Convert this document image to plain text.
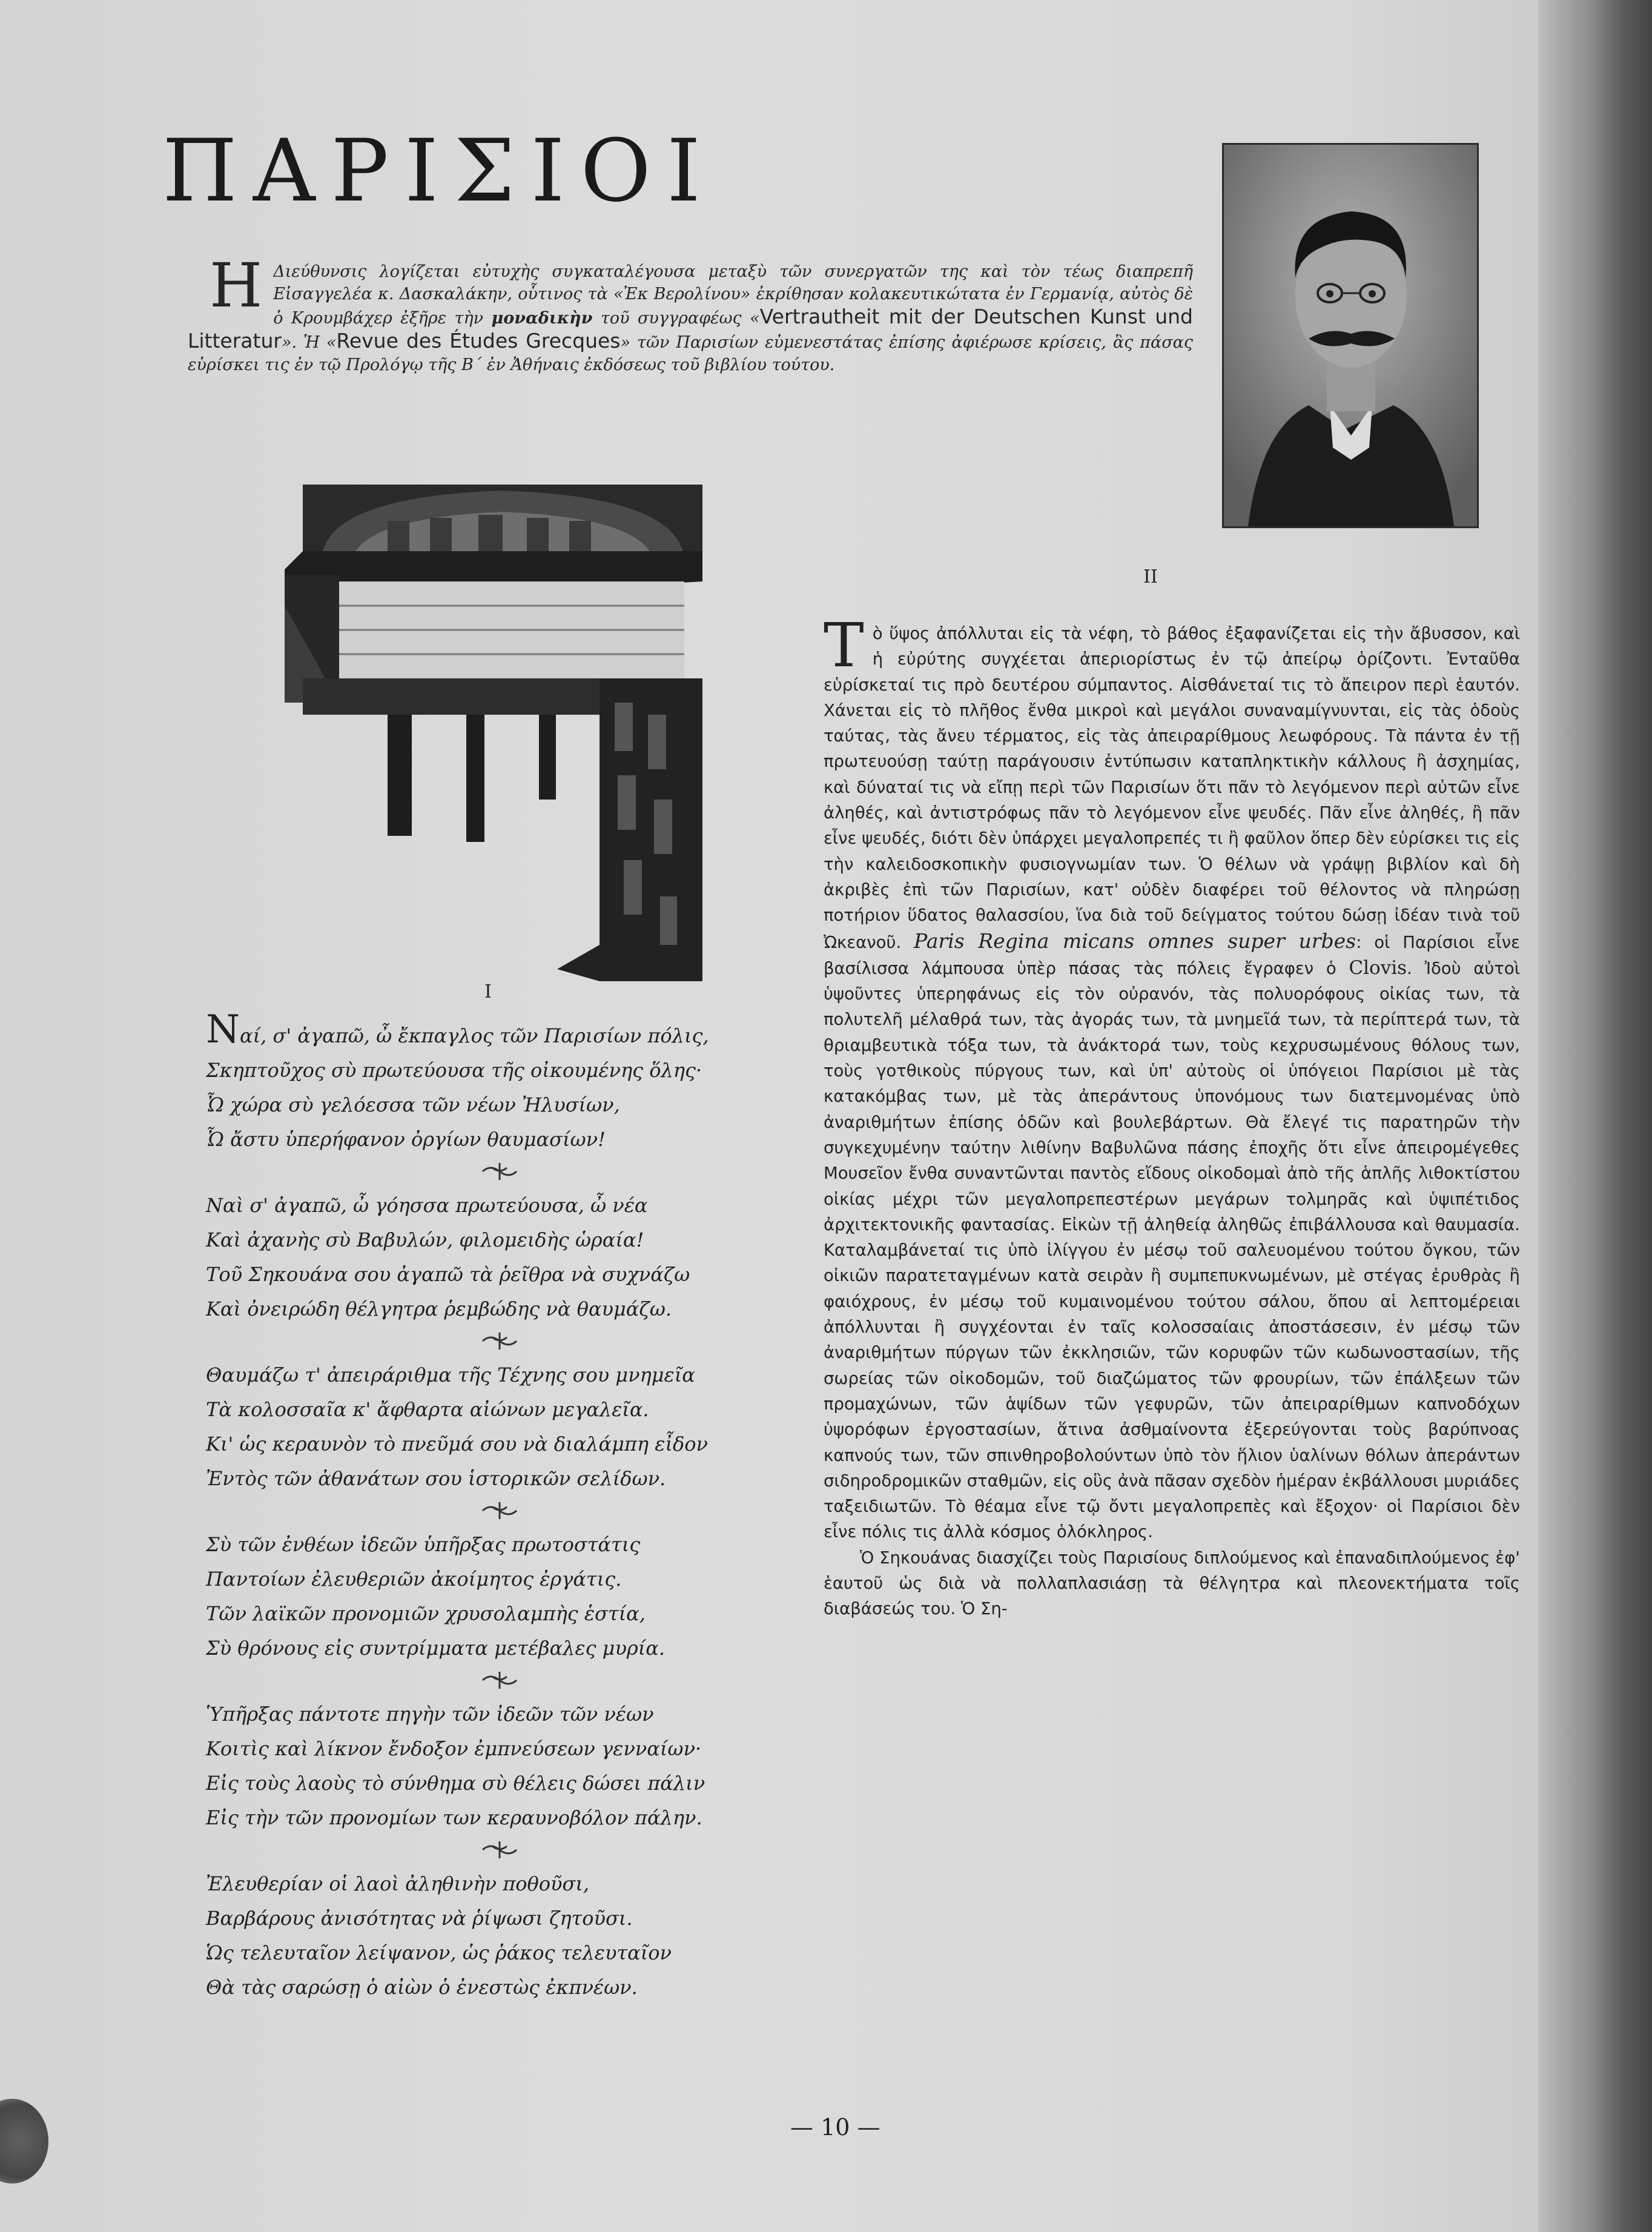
ΠΑΡΙΣΙΟΙ

Η Διεύθυνσις λογίζεται εὐτυχὴς συγκαταλέγουσα μεταξὺ τῶν συνεργατῶν της καὶ τὸν τέως διαπρεπῆ Εἰσαγγελέα κ. Δασκαλάκην, οὗτινος τὰ «Ἐκ Βερολίνου» ἐκρίθησαν κολακευτικώτατα ἐν Γερμανίᾳ, αὐτὸς δὲ ὁ Κρουμβάχερ ἐξῆρε τὴν μοναδικὴν τοῦ συγγραφέως «Vertrautheit mit der Deutschen Kunst und Litteratur». Ἡ «Revue des Études Grecques» τῶν Παρισίων εὐμενεστάτας ἐπίσης ἀφιέρωσε κρίσεις, ἃς πάσας εὑρίσκει τις ἐν τῷ Προλόγῳ τῆς Β΄ ἐν Ἀθήναις ἐκδόσεως τοῦ βιβλίου τούτου.

I
Nαί, σ' ἀγαπῶ, ὦ ἔκπαγλος τῶν Παρισίων πόλις,
Σκηπτοῦχος σὺ πρωτεύουσα τῆς οἰκουμένης ὅλης·
Ὦ χώρα σὺ γελόεσσα τῶν νέων Ἠλυσίων,
Ὦ ἄστυ ὑπερήφανον ὀργίων θαυμασίων!
Ναὶ σ' ἀγαπῶ, ὦ γόησσα πρωτεύουσα, ὦ νέα
Καὶ ἀχανὴς σὺ Βαβυλών, φιλομειδὴς ὡραία!
Τοῦ Σηκουάνα σου ἀγαπῶ τὰ ῥεῖθρα νὰ συχνάζω
Καὶ ὀνειρώδη θέλγητρα ῥεμβώδης νὰ θαυμάζω.
Θαυμάζω τ' ἀπειράριθμα τῆς Τέχνης σου μνημεῖα
Τὰ κολοσσαῖα κ' ἄφθαρτα αἰώνων μεγαλεῖα.
Κι' ὡς κεραυνὸν τὸ πνεῦμά σου νὰ διαλάμπη εἶδον
Ἐντὸς τῶν ἀθανάτων σου ἱστορικῶν σελίδων.
Σὺ τῶν ἐνθέων ἰδεῶν ὑπῆρξας πρωτοστάτις
Παντοίων ἐλευθεριῶν ἀκοίμητος ἐργάτις.
Τῶν λαϊκῶν προνομιῶν χρυσολαμπὴς ἑστία,
Σὺ θρόνους εἰς συντρίμματα μετέβαλες μυρία.
Ὑπῆρξας πάντοτε πηγὴν τῶν ἰδεῶν τῶν νέων
Κοιτὶς καὶ λίκνον ἔνδοξον ἐμπνεύσεων γενναίων·
Εἰς τοὺς λαοὺς τὸ σύνθημα σὺ θέλεις δώσει πάλιν
Εἰς τὴν τῶν προνομίων των κεραυνοβόλον πάλην.
Ἐλευθερίαν οἱ λαοὶ ἀληθινὴν ποθοῦσι,
Βαρβάρους ἀνισότητας νὰ ῥίψωσι ζητοῦσι.
Ὡς τελευταῖον λείψανον, ὡς ῥάκος τελευταῖον
Θὰ τὰς σαρώσῃ ὁ αἰὼν ὁ ἐνεστὼς ἐκπνέων.
II

Τὸ ὕψος ἀπόλλυται εἰς τὰ νέφη, τὸ βάθος ἐξαφανίζεται εἰς τὴν ἄβυσσον, καὶ ἡ εὐρύτης συγχέεται ἀπεριορίστως ἐν τῷ ἀπείρῳ ὁρίζοντι. Ἐνταῦθα εὑρίσκεταί τις πρὸ δευτέρου σύμπαντος. Αἰσθάνεταί τις τὸ ἄπειρον περὶ ἑαυτόν. Χάνεται εἰς τὸ πλῆθος ἔνθα μικροὶ καὶ μεγάλοι συναναμίγνυνται, εἰς τὰς ὁδοὺς ταύτας, τὰς ἄνευ τέρματος, εἰς τὰς ἀπειραρίθμους λεωφόρους. Τὰ πάντα ἐν τῇ πρωτευούσῃ ταύτῃ παράγουσιν ἐντύπωσιν καταπληκτικὴν κάλλους ἢ ἀσχημίας, καὶ δύναταί τις νὰ εἴπῃ περὶ τῶν Παρισίων ὅτι πᾶν τὸ λεγόμενον περὶ αὐτῶν εἶνε ἀληθές, καὶ ἀντιστρόφως πᾶν τὸ λεγόμενον εἶνε ψευδές. Πᾶν εἶνε ἀληθές, ἢ πᾶν εἶνε ψευδές, διότι δὲν ὑπάρχει μεγαλοπρεπές τι ἢ φαῦλον ὅπερ δὲν εὑρίσκει τις εἰς τὴν καλειδοσκοπικὴν φυσιογνωμίαν των. Ὁ θέλων νὰ γράψῃ βιβλίον καὶ δὴ ἀκριβὲς ἐπὶ τῶν Παρισίων, κατ' οὐδὲν διαφέρει τοῦ θέλοντος νὰ πληρώσῃ ποτήριον ὕδατος θαλασσίου, ἵνα διὰ τοῦ δείγματος τούτου δώσῃ ἰδέαν τινὰ τοῦ Ὠκεανοῦ. Paris Regina micans omnes super urbes: οἱ Παρίσιοι εἶνε βασίλισσα λάμπουσα ὑπὲρ πάσας τὰς πόλεις ἔγραφεν ὁ Clovis. Ἰδοὺ αὐτοὶ ὑψοῦντες ὑπερηφάνως εἰς τὸν οὐρανόν, τὰς πολυορόφους οἰκίας των, τὰ πολυτελῆ μέλαθρά των, τὰς ἀγοράς των, τὰ μνημεῖά των, τὰ περίπτερά των, τὰ θριαμβευτικὰ τόξα των, τὰ ἀνάκτορά των, τοὺς κεχρυσωμένους θόλους των, τοὺς γοτθικοὺς πύργους των, καὶ ὑπ' αὐτοὺς οἱ ὑπόγειοι Παρίσιοι μὲ τὰς κατακόμβας των, μὲ τὰς ἀπεράντους ὑπονόμους των διατεμνομένας ὑπὸ ἀναριθμήτων ἐπίσης ὁδῶν καὶ βουλεβάρτων. Θὰ ἔλεγέ τις παρατηρῶν τὴν συγκεχυμένην ταύτην λιθίνην Βαβυλῶνα πάσης ἐποχῆς ὅτι εἶνε ἀπειρομέγεθες Μουσεῖον ἔνθα συναντῶνται παντὸς εἴδους οἰκοδομαὶ ἀπὸ τῆς ἁπλῆς λιθοκτίστου οἰκίας μέχρι τῶν μεγαλοπρεπεστέρων μεγάρων τολμηρᾶς καὶ ὑψιπέτιδος ἀρχιτεκτονικῆς φαντασίας. Εἰκὼν τῇ ἀληθείᾳ ἀληθῶς ἐπιβάλλουσα καὶ θαυμασία. Καταλαμβάνεταί τις ὑπὸ ἰλίγγου ἐν μέσῳ τοῦ σαλευομένου τούτου ὄγκου, τῶν οἰκιῶν παρατεταγμένων κατὰ σειρὰν ἢ συμπεπυκνωμένων, μὲ στέγας ἐρυθρὰς ἢ φαιόχρους, ἐν μέσῳ τοῦ κυμαινομένου τούτου σάλου, ὅπου αἱ λεπτομέρειαι ἀπόλλυνται ἢ συγχέονται ἐν ταῖς κολοσσαίαις ἀποστάσεσιν, ἐν μέσῳ τῶν ἀναριθμήτων πύργων τῶν ἐκκλησιῶν, τῶν κορυφῶν τῶν κωδωνοστασίων, τῆς σωρείας τῶν οἰκοδομῶν, τοῦ διαζώματος τῶν φρουρίων, τῶν ἐπάλξεων τῶν προμαχώνων, τῶν ἁψίδων τῶν γεφυρῶν, τῶν ἀπειραρίθμων καπνοδόχων ὑψορόφων ἐργοστασίων, ἅτινα ἀσθμαίνοντα ἐξερεύγονται τοὺς βαρύπνοας καπνούς των, τῶν σπινθηροβολούντων ὑπὸ τὸν ἥλιον ὑαλίνων θόλων ἀπεράντων σιδηροδρομικῶν σταθμῶν, εἰς οὓς ἀνὰ πᾶσαν σχεδὸν ἡμέραν ἐκβάλλουσι μυριάδες ταξειδιωτῶν. Τὸ θέαμα εἶνε τῷ ὄντι μεγαλοπρεπὲς καὶ ἔξοχον· οἱ Παρίσιοι δὲν εἶνε πόλις τις ἀλλὰ κόσμος ὁλόκληρος.

Ὁ Σηκουάνας διασχίζει τοὺς Παρισίους διπλούμενος καὶ ἐπαναδιπλούμενος ἐφ' ἑαυτοῦ ὡς διὰ νὰ πολλαπλασιάσῃ τὰ θέλγητρα καὶ πλεονεκτήματα τοῖς διαβάσεώς του. Ὁ Ση-

— 10 —
